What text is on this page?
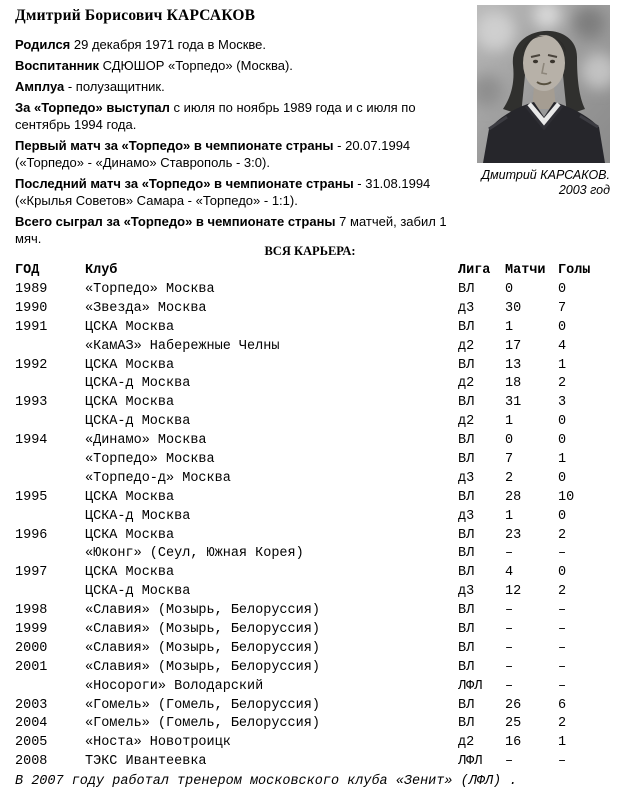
Дмитрий Борисович КАРСАКОВ

Родился 29 декабря 1971 года в Москве.

Воспитанник СДЮШОР «Торпедо» (Москва).

Амплуа - полузащитник.

За «Торпедо» выступал с июля по ноябрь 1989 года и с июля по сентябрь 1994 года.

Первый матч за «Торпедо» в чемпионате страны - 20.07.1994 («Торпедо» - «Динамо» Ставрополь - 3:0).

Последний матч за «Торпедо» в чемпионате страны - 31.08.1994 («Крылья Советов» Самара - «Торпедо» - 1:1).

Всего сыграл за «Торпедо» в чемпионате страны 7 матчей, забил 1 мяч.

Дмитрий КАРСАКОВ.
2003 год
ВСЯ КАРЬЕРА:
ГОД	Клуб	Лига	Матчи	Голы
1989	«Торпедо» Москва	ВЛ	0	0
1990	«Звезда» Москва	д3	30	7
1991	ЦСКА Москва	ВЛ	1	0
	«КамАЗ» Набережные Челны	д2	17	4
1992	ЦСКА Москва	ВЛ	13	1
	ЦСКА-д Москва	д2	18	2
1993	ЦСКА Москва	ВЛ	31	3
	ЦСКА-д Москва	д2	1	0
1994	«Динамо» Москва	ВЛ	0	0
	«Торпедо» Москва	ВЛ	7	1
	«Торпедо-д» Москва	д3	2	0
1995	ЦСКА Москва	ВЛ	28	10
	ЦСКА-д Москва	д3	1	0
1996	ЦСКА Москва	ВЛ	23	2
	«Юконг» (Сеул, Южная Корея)	ВЛ	–	–
1997	ЦСКА Москва	ВЛ	4	0
	ЦСКА-д Москва	д3	12	2
1998	«Славия» (Мозырь, Белоруссия)	ВЛ	–	–
1999	«Славия» (Мозырь, Белоруссия)	ВЛ	–	–
2000	«Славия» (Мозырь, Белоруссия)	ВЛ	–	–
2001	«Славия» (Мозырь, Белоруссия)	ВЛ	–	–
	«Носороги» Володарский	ЛФЛ	–	–
2003	«Гомель» (Гомель, Белоруссия)	ВЛ	26	6
2004	«Гомель» (Гомель, Белоруссия)	ВЛ	25	2
2005	«Носта» Новотроицк	д2	16	1
2008	ТЭКС Ивантеевка	ЛФЛ	–	–
В 2007 году работал тренером московского клуба «Зенит» (ЛФЛ) .
